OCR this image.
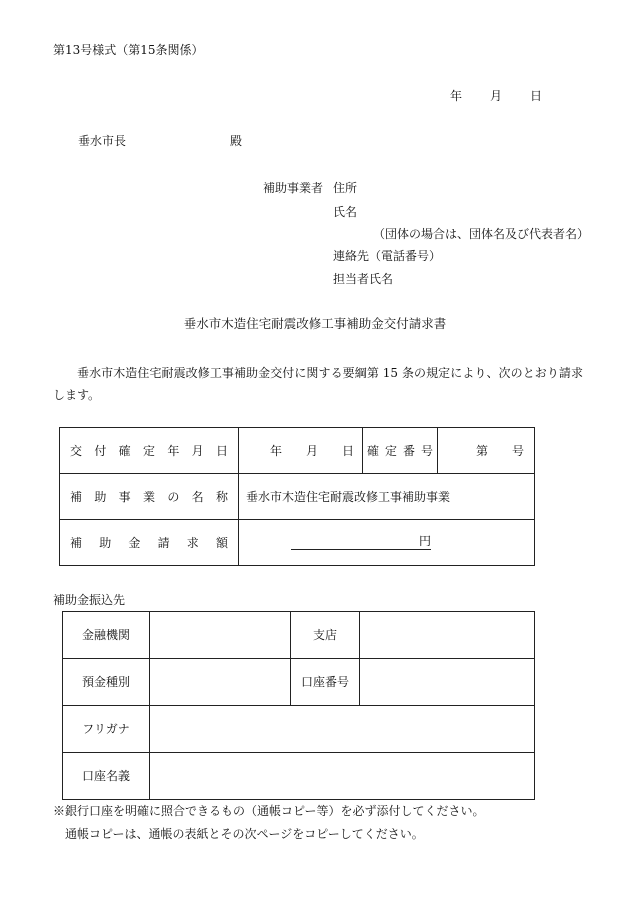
第13号様式（第15条関係）
年 月 日
垂水市長	殿
補助事業者 住所
氏名
（団体の場合は、団体名及び代表者名）
連絡先（電話番号）
担当者氏名
垂水市木造住宅耐震改修工事補助金交付請求書
垂水市木造住宅耐震改修工事補助金交付に関する要綱第 15 条の規定により、次のとおり請求します。
交付確定年月日	年 月 日	確定番号	第 号
補助事業の名称	垂水市木造住宅耐震改修工事補助事業		
補助金請求額	円		
補助金振込先
金融機関		支店	
預金種別		口座番号	
フリガナ			
口座名義			
※銀行口座を明確に照合できるもの（通帳コピー等）を必ず添付してください。
通帳コピーは、通帳の表紙とその次ページをコピーしてください。
